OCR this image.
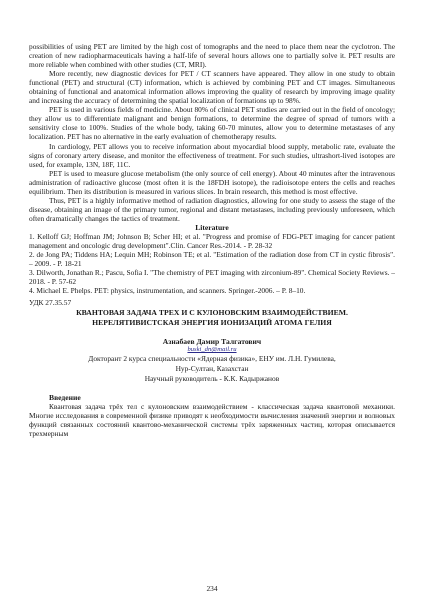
possibilities of using PET are limited by the high cost of tomographs and the need to place them near the cyclotron. The creation of new radiopharmaceuticals having a half-life of several hours allows one to partially solve it. PET results are more reliable when combined with other studies (CT, MRI).

More recently, new diagnostic devices for PET / CT scanners have appeared. They allow in one study to obtain functional (PET) and structural (CT) information, which is achieved by combining PET and CT images. Simultaneous obtaining of functional and anatomical information allows improving the quality of research by improving image quality and increasing the accuracy of determining the spatial localization of formations up to 98%.

PET is used in various fields of medicine. About 80% of clinical PET studies are carried out in the field of oncology; they allow us to differentiate malignant and benign formations, to determine the degree of spread of tumors with a sensitivity close to 100%. Studies of the whole body, taking 60-70 minutes, allow you to determine metastases of any localization. PET has no alternative in the early evaluation of chemotherapy results.

In cardiology, PET allows you to receive information about myocardial blood supply, metabolic rate, evaluate the signs of coronary artery disease, and monitor the effectiveness of treatment. For such studies, ultrashort-lived isotopes are used, for example, 13N, 18F, 11C.

PET is used to measure glucose metabolism (the only source of cell energy). About 40 minutes after the intravenous administration of radioactive glucose (most often it is the 18FDH isotope), the radioisotope enters the cells and reaches equilibrium. Then its distribution is measured in various slices. In brain research, this method is most effective.

Thus, PET is a highly informative method of radiation diagnostics, allowing for one study to assess the stage of the disease, obtaining an image of the primary tumor, regional and distant metastases, including previously unforeseen, which often dramatically changes the tactics of treatment.

Literature

1. Kelloff GJ; Hoffman JM; Johnson B; Scher HI; et al. "Progress and promise of FDG-PET imaging for cancer patient management and oncologic drug development".Clin. Cancer Res.-2014. - P. 28-32

2. de Jong PA; Tiddens HA; Lequin MH; Robinson TE; et al. "Estimation of the radiation dose from CT in cystic fibrosis". – 2009. - P. 18-21

3. Dilworth, Jonathan R.; Pascu, Sofia I. "The chemistry of PET imaging with zirconium-89". Chemical Society Reviews. – 2018. - P. 57-62

4. Michael E. Phelps. PET: physics, instrumentation, and scanners. Springer.-2006. – P. 8–10.

УДК 27.35.57

КВАНТОВАЯ ЗАДАЧА ТРЕХ И С КУЛОНОВСКИМ ВЗАИМОДЕЙСТВИЕМ. НЕРЕЛЯТИВИСТСКАЯ ЭНЕРГИЯ ИОНИЗАЦИЙ АТОМА ГЕЛИЯ

Азнабаев Дамир Талгатович

buski_dn@mail.ru

Докторант 2 курса специальности «Ядерная физика», ЕНУ им. Л.Н. Гумилева,

Нур-Султан, Казахстан

Научный руководитель - К.К. Кадыржанов

Введение

Квантовая задача трёх тел с кулоновским взаимодействием - классическая задача квантовой механики. Многие исследования в современной физике приводят к необходимости вычисления значений энергии и волновых функций связанных состояний квантово-механической системы трёх заряженных частиц, которая описывается трехмерным

234
